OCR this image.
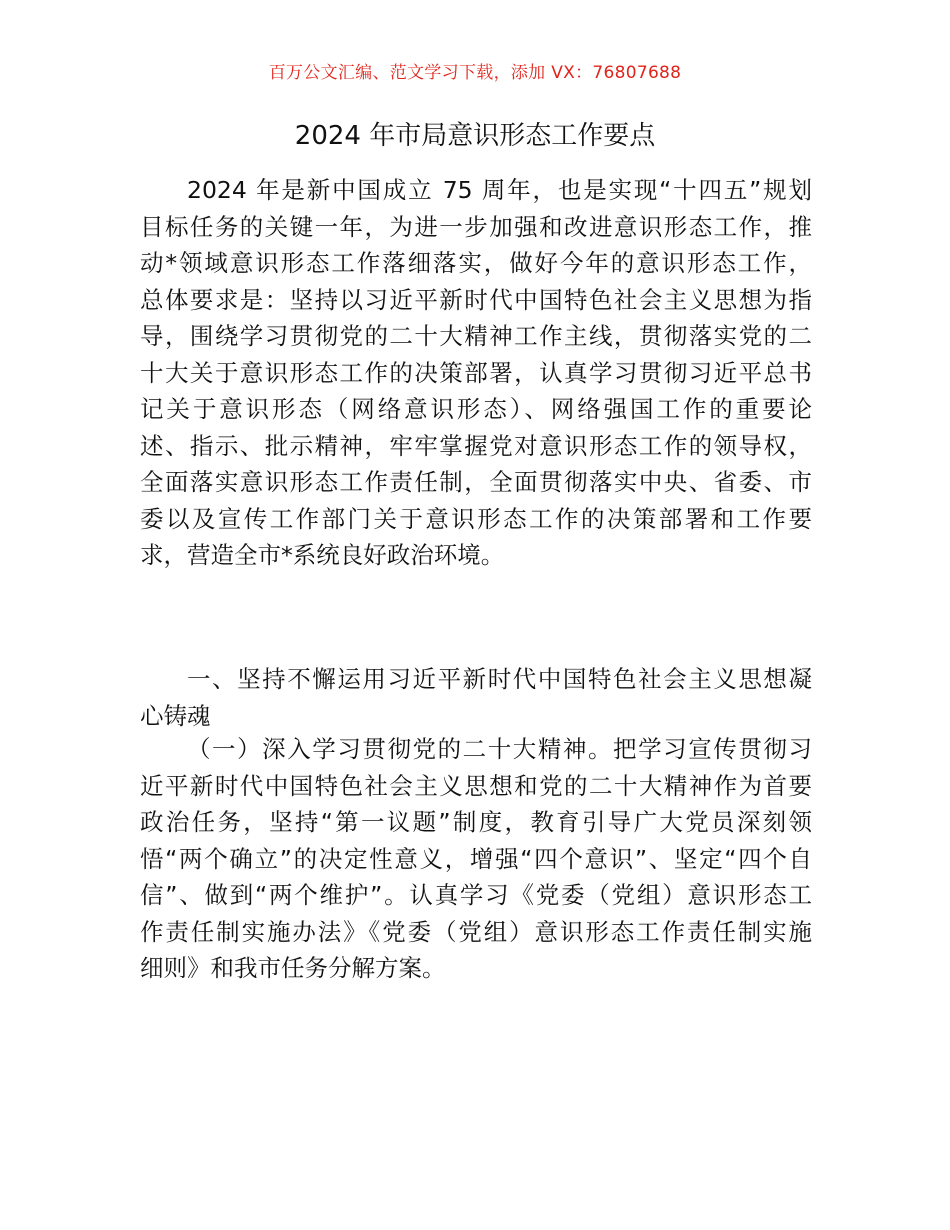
百万公文汇编、范文学习下载，添加 VX：76807688
2024 年市局意识形态工作要点
2024 年是新中国成立 75 周年，也是实现“十四五”规划
目标任务的关键一年，为进一步加强和改进意识形态工作，推
动*领域意识形态工作落细落实，做好今年的意识形态工作，
总体要求是：坚持以习近平新时代中国特色社会主义思想为指
导，围绕学习贯彻党的二十大精神工作主线，贯彻落实党的二
十大关于意识形态工作的决策部署，认真学习贯彻习近平总书
记关于意识形态（网络意识形态）、网络强国工作的重要论
述、指示、批示精神，牢牢掌握党对意识形态工作的领导权，
全面落实意识形态工作责任制，全面贯彻落实中央、省委、市
委以及宣传工作部门关于意识形态工作的决策部署和工作要
求，营造全市*系统良好政治环境。
一、坚持不懈运用习近平新时代中国特色社会主义思想凝
心铸魂
（一）深入学习贯彻党的二十大精神。把学习宣传贯彻习
近平新时代中国特色社会主义思想和党的二十大精神作为首要
政治任务，坚持“第一议题”制度，教育引导广大党员深刻领
悟“两个确立”的决定性意义，增强“四个意识”、坚定“四个自
信”、做到“两个维护”。认真学习《党委（党组）意识形态工
作责任制实施办法》《党委（党组）意识形态工作责任制实施
细则》和我市任务分解方案。
